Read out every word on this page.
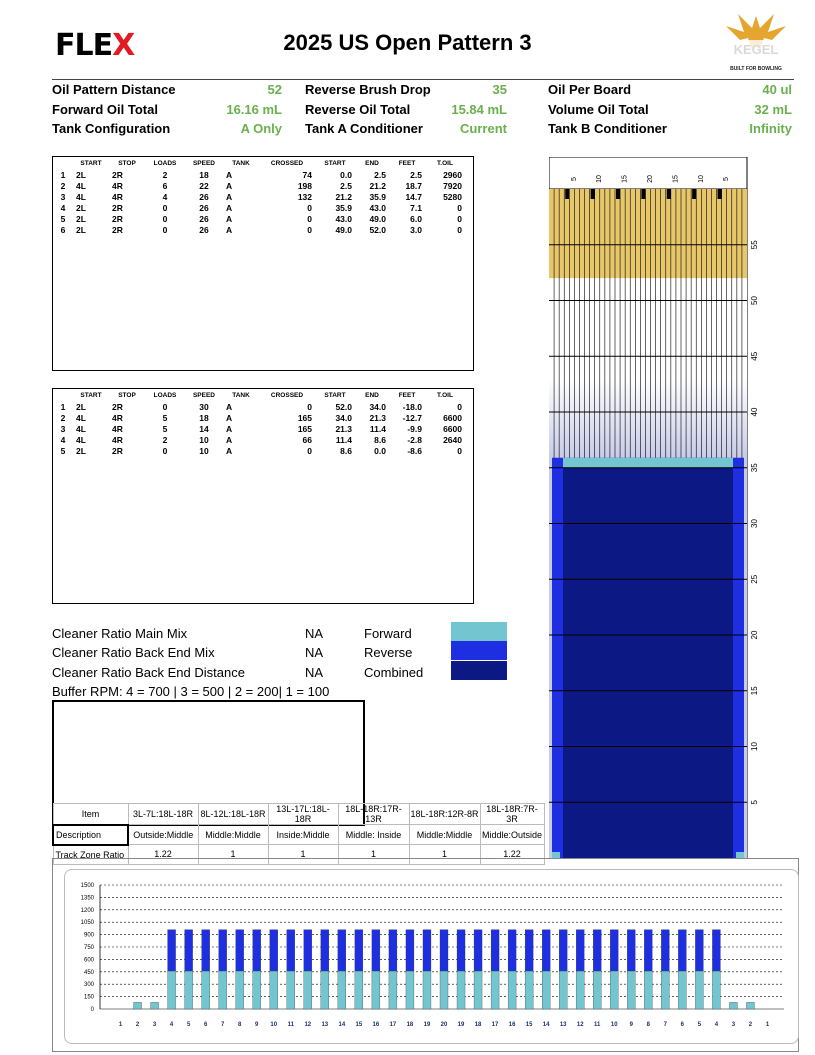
FLEX	2025 US Open Pattern 3	KEGEL
BUILT FOR BOWLING
Oil Pattern Distance	52 Reverse Brush Drop	35	Oil Per Board	40 ul
Forward Oil Total	16.16 mL Reverse Oil Total	15.84 mL	Volume Oil Total	32 mL
Tank Configuration	A Only Tank A Conditioner	Current	Tank B Conditioner	Infinity
	START	STOP	LOADS	SPEED	TANK	CROSSED	START	END	FEET	T.OIL
1	2L	2R	2	18	A	74	0.0	2.5	2.5	2960
2	4L	4R	6	22	A	198	2.5	21.2	18.7	7920
3	4L	4R	4	26	A	132	21.2	35.9	14.7	5280
4	2L	2R	0	26	A	0	35.9	43.0	7.1	0
5	2L	2R	0	26	A	0	43.0	49.0	6.0	0
6	2L	2R	0	26	A	0	49.0	52.0	3.0	0
	START	STOP	LOADS	SPEED	TANK	CROSSED	START	END	FEET	T.OIL
1	2L	2R	0	30	A	0	52.0	34.0	-18.0	0
2	4L	4R	5	18	A	165	34.0	21.3	-12.7	6600
3	4L	4R	5	14	A	165	21.3	11.4	-9.9	6600
4	4L	4R	2	10	A	66	11.4	8.6	-2.8	2640
5	2L	2R	0	10	A	0	8.6	0.0	-8.6	0
Cleaner Ratio Main Mix	NA	Forward
Cleaner Ratio Back End Mix	NA	Reverse
Cleaner Ratio Back End Distance	NA	Combined
Buffer RPM: 4 = 700 | 3 = 500 | 2 = 200| 1 = 100
Item	3L-7L:18L-18R	8L-12L:18L-18R	13L-17L:18L-18R	18L-18R:17R-13R	18L-18R:12R-8R	18L-18R:7R-3R
Description	Outside:Middle	Middle:Middle	Inside:Middle	Middle: Inside	Middle:Middle	Middle:Outside
Track Zone Ratio	1.22	1	1	1	1	1.22
5	10	15	20	15	10	5
55
50
45
40
35
30
25
20
15
10
5
1500
1350
1200
1050
900
750
600
450
300
150
0
1 2 3 4 5 6 7 8 9 10 11 12 13 14 15 16 17 18 19 20 19 18 17 16 15 14 13 12 11 10 9 8 7 6 5 4 3 2 1
